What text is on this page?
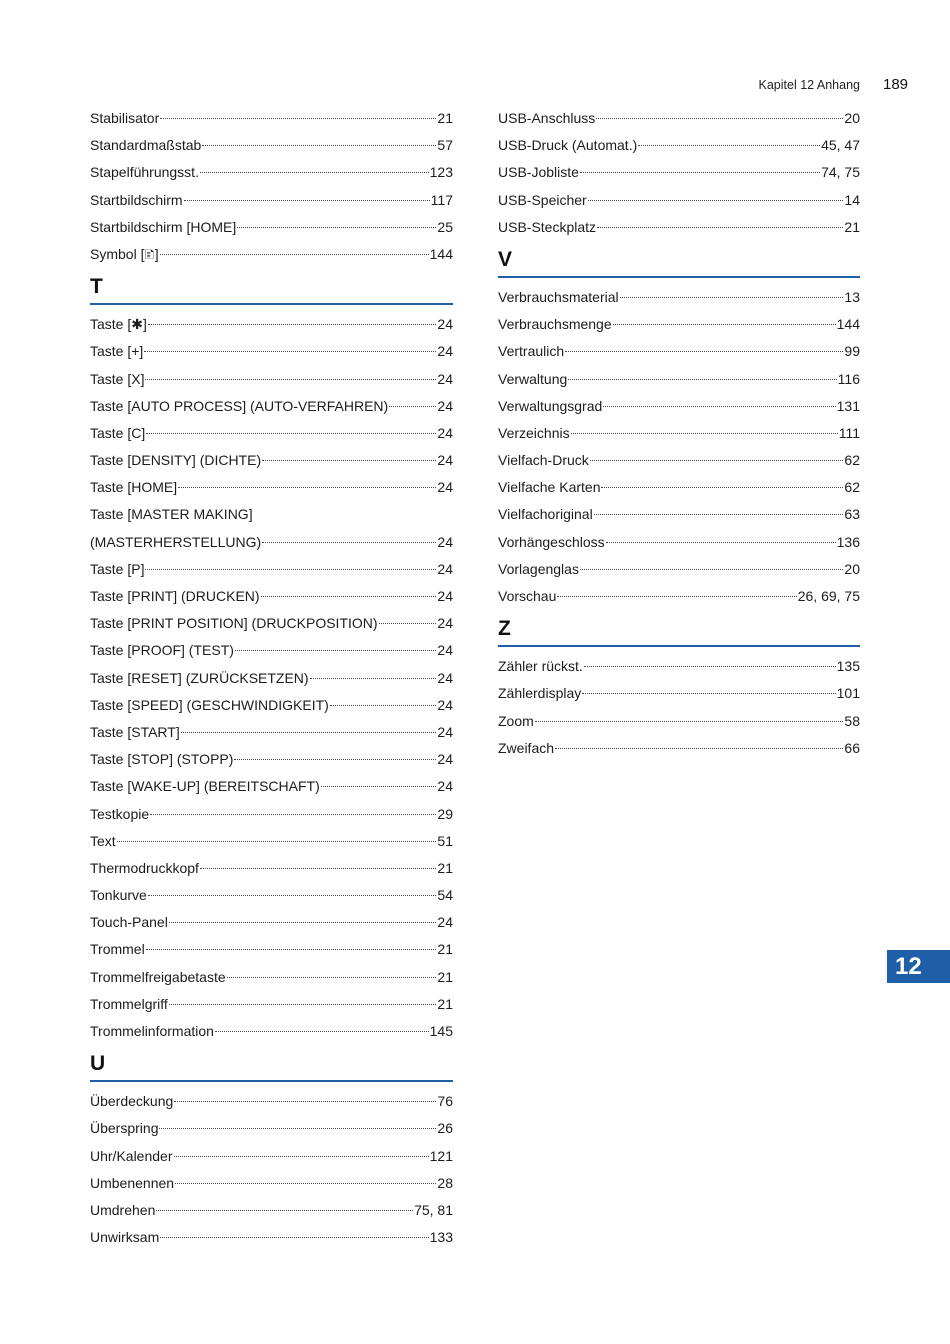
Kapitel 12 Anhang 189
Stabilisator	21
Standardmaßstab	57
Stapelführungsst.	123
Startbildschirm	117
Startbildschirm [HOME]	25
Symbol [🗈]	144
T
Taste [✱]	24
Taste [+]	24
Taste [X]	24
Taste [AUTO PROCESS] (AUTO-VERFAHREN)	24
Taste [C]	24
Taste [DENSITY] (DICHTE)	24
Taste [HOME]	24
Taste [MASTER MAKING]
(MASTERHERSTELLUNG)	24
Taste [P]	24
Taste [PRINT] (DRUCKEN)	24
Taste [PRINT POSITION] (DRUCKPOSITION)	24
Taste [PROOF] (TEST)	24
Taste [RESET] (ZURÜCKSETZEN)	24
Taste [SPEED] (GESCHWINDIGKEIT)	24
Taste [START]	24
Taste [STOP] (STOPP)	24
Taste [WAKE-UP] (BEREITSCHAFT)	24
Testkopie	29
Text	51
Thermodruckkopf	21
Tonkurve	54
Touch-Panel	24
Trommel	21
Trommelfreigabetaste	21
Trommelgriff	21
Trommelinformation	145
U
Überdeckung	76
Überspring	26
Uhr/Kalender	121
Umbenennen	28
Umdrehen	75, 81
Unwirksam	133
USB-Anschluss	20
USB-Druck (Automat.)	45, 47
USB-Jobliste	74, 75
USB-Speicher	14
USB-Steckplatz	21
V
Verbrauchsmaterial	13
Verbrauchsmenge	144
Vertraulich	99
Verwaltung	116
Verwaltungsgrad	131
Verzeichnis	111
Vielfach-Druck	62
Vielfache Karten	62
Vielfachoriginal	63
Vorhängeschloss	136
Vorlagenglas	20
Vorschau	26, 69, 75
Z
Zähler rückst.	135
Zählerdisplay	101
Zoom	58
Zweifach	66
12
